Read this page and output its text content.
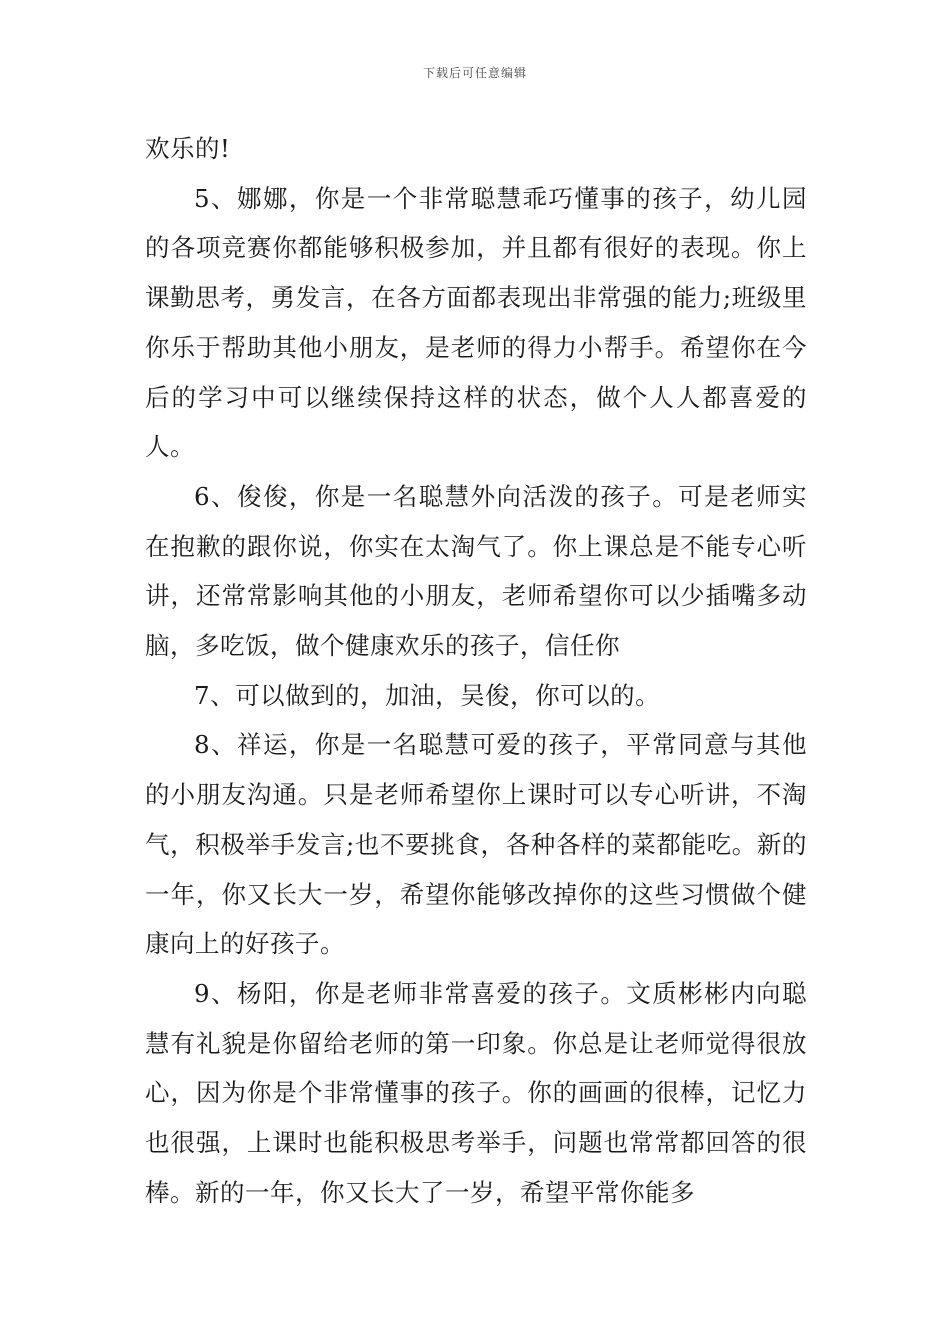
下载后可任意编辑

欢乐的!

5、娜娜，你是一个非常聪慧乖巧懂事的孩子，幼儿园的各项竞赛你都能够积极参加，并且都有很好的表现。你上课勤思考，勇发言，在各方面都表现出非常强的能力;班级里你乐于帮助其他小朋友，是老师的得力小帮手。希望你在今后的学习中可以继续保持这样的状态，做个人人都喜爱的人。

6、俊俊，你是一名聪慧外向活泼的孩子。可是老师实在抱歉的跟你说，你实在太淘气了。你上课总是不能专心听讲，还常常影响其他的小朋友，老师希望你可以少插嘴多动脑，多吃饭，做个健康欢乐的孩子，信任你

7、可以做到的，加油，吴俊，你可以的。

8、祥运，你是一名聪慧可爱的孩子，平常同意与其他的小朋友沟通。只是老师希望你上课时可以专心听讲，不淘气，积极举手发言;也不要挑食，各种各样的菜都能吃。新的一年，你又长大一岁，希望你能够改掉你的这些习惯做个健康向上的好孩子。

9、杨阳，你是老师非常喜爱的孩子。文质彬彬内向聪慧有礼貌是你留给老师的第一印象。你总是让老师觉得很放心，因为你是个非常懂事的孩子。你的画画的很棒，记忆力也很强，上课时也能积极思考举手，问题也常常都回答的很棒。新的一年，你又长大了一岁，希望平常你能多
